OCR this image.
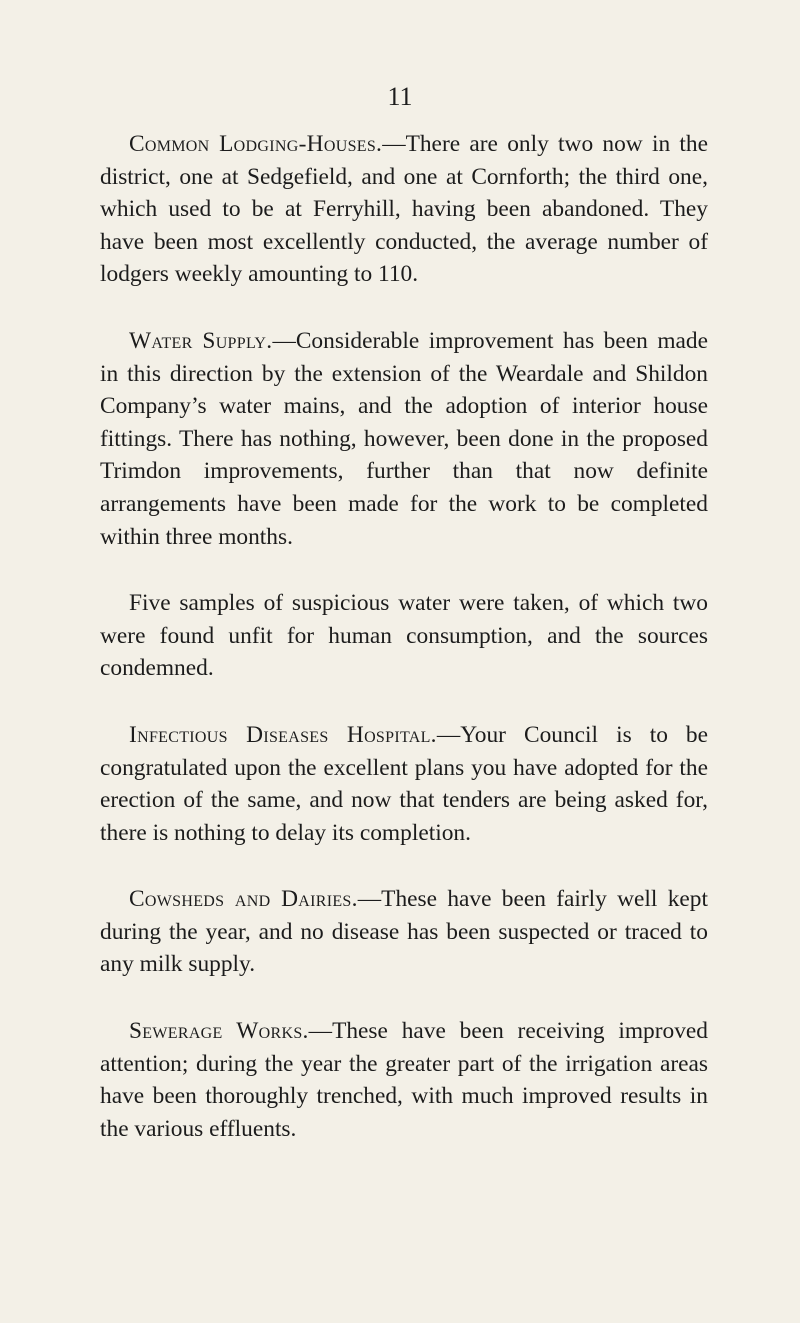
11

Common Lodging-Houses.—There are only two now in the district, one at Sedgefield, and one at Cornforth; the third one, which used to be at Ferryhill, having been abandoned. They have been most excellently conducted, the average number of lodgers weekly amounting to 110.

Water Supply.—Considerable improvement has been made in this direction by the extension of the Weardale and Shildon Company’s water mains, and the adoption of interior house fittings. There has nothing, however, been done in the proposed Trimdon improvements, further than that now definite arrangements have been made for the work to be completed within three months.

Five samples of suspicious water were taken, of which two were found unfit for human consumption, and the sources condemned.

Infectious Diseases Hospital.—Your Council is to be congratulated upon the excellent plans you have adopted for the erection of the same, and now that tenders are being asked for, there is nothing to delay its completion.

Cowsheds and Dairies.—These have been fairly well kept during the year, and no disease has been suspected or traced to any milk supply.

Sewerage Works.—These have been receiving improved attention; during the year the greater part of the irrigation areas have been thoroughly trenched, with much improved results in the various effluents.
